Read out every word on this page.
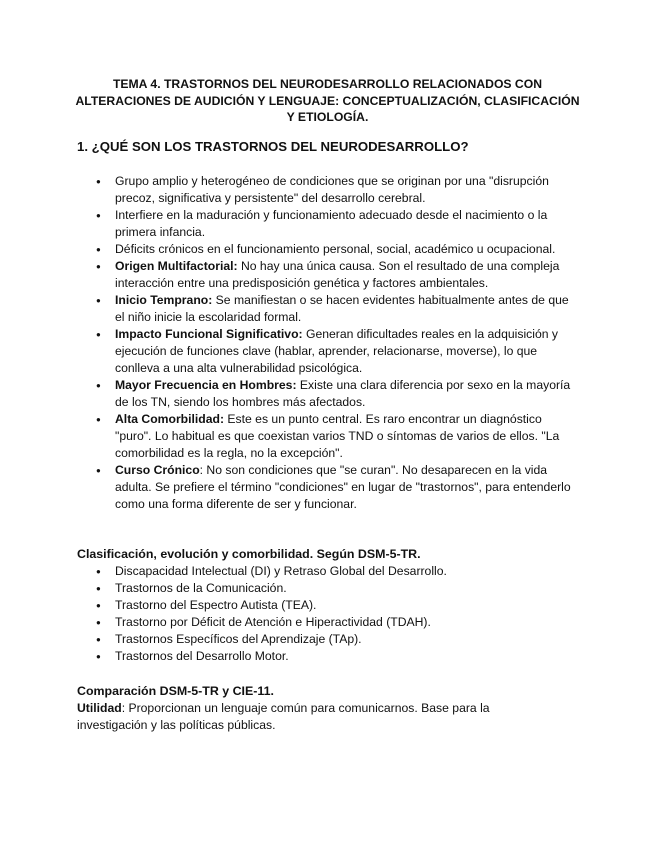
TEMA 4. TRASTORNOS DEL NEURODESARROLLO RELACIONADOS CON ALTERACIONES DE AUDICIÓN Y LENGUAJE: CONCEPTUALIZACIÓN, CLASIFICACIÓN Y ETIOLOGÍA.
1. ¿QUÉ SON LOS TRASTORNOS DEL NEURODESARROLLO?
● Grupo amplio y heterogéneo de condiciones que se originan por una "disrupción precoz, significativa y persistente" del desarrollo cerebral.
● Interfiere en la maduración y funcionamiento adecuado desde el nacimiento o la primera infancia.
● Déficits crónicos en el funcionamiento personal, social, académico u ocupacional.
● Origen Multifactorial: No hay una única causa. Son el resultado de una compleja interacción entre una predisposición genética y factores ambientales.
● Inicio Temprano: Se manifiestan o se hacen evidentes habitualmente antes de que el niño inicie la escolaridad formal.
● Impacto Funcional Significativo: Generan dificultades reales en la adquisición y ejecución de funciones clave (hablar, aprender, relacionarse, moverse), lo que conlleva a una alta vulnerabilidad psicológica.
● Mayor Frecuencia en Hombres: Existe una clara diferencia por sexo en la mayoría de los TN, siendo los hombres más afectados.
● Alta Comorbilidad: Este es un punto central. Es raro encontrar un diagnóstico "puro". Lo habitual es que coexistan varios TND o síntomas de varios de ellos. "La comorbilidad es la regla, no la excepción".
● Curso Crónico: No son condiciones que "se curan". No desaparecen en la vida adulta. Se prefiere el término "condiciones" en lugar de "trastornos", para entenderlo como una forma diferente de ser y funcionar.
Clasificación, evolución y comorbilidad. Según DSM-5-TR.
● Discapacidad Intelectual (DI) y Retraso Global del Desarrollo.
● Trastornos de la Comunicación.
● Trastorno del Espectro Autista (TEA).
● Trastorno por Déficit de Atención e Hiperactividad (TDAH).
● Trastornos Específicos del Aprendizaje (TAp).
● Trastornos del Desarrollo Motor.
Comparación DSM-5-TR y CIE-11.
Utilidad: Proporcionan un lenguaje común para comunicarnos. Base para la investigación y las políticas públicas.
